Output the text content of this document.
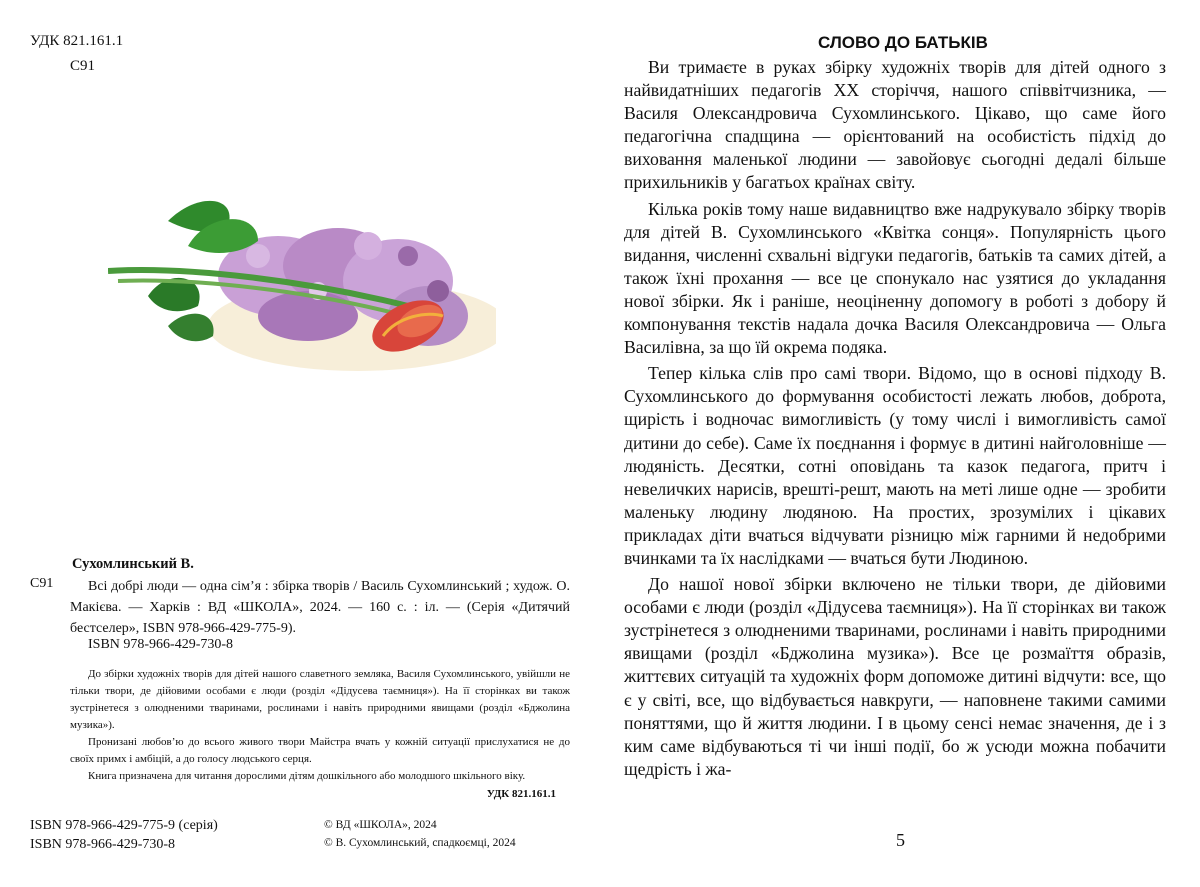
УДК 821.161.1
С91
Сухомлинський В.
С91	Всі добрі люди — одна сім’я : збірка творів / Василь Сухомлинський ; худож. О. Макієва. — Харків : ВД «ШКОЛА», 2024. — 160 с. : іл. — (Серія «Дитячий бестселер», ISBN 978-966-429-775-9).
ISBN 978-966-429-730-8

До збірки художніх творів для дітей нашого славетного земляка, Василя Сухомлинського, увійшли не тільки твори, де дійовими особами є люди (розділ «Дідусева таємниця»). На її сторінках ви також зустрінетеся з олюдненими тваринами, рослинами і навіть природними явищами (розділ «Бджолина музика»).

Пронизані любов’ю до всього живого твори Майстра вчать у кожній ситуації прислухатися не до своїх примх і амбіцій, а до голосу людського серця.

Книга призначена для читання дорослими дітям дошкільного або молодшого шкільного віку.

УДК 821.161.1
ISBN 978-966-429-775-9 (серія)
ISBN 978-966-429-730-8
© ВД «ШКОЛА», 2024
© В. Сухомлинський, спадкоємці, 2024
СЛОВО ДО БАТЬКІВ

Ви тримаєте в руках збірку художніх творів для дітей одного з найвидатніших педагогів ХХ сторіччя, нашого співвітчизника, — Василя Олександровича Сухомлинського. Цікаво, що саме його педагогічна спадщина — орієнтований на особистість підхід до виховання маленької людини — завойовує сьогодні дедалі більше прихильників у багатьох країнах світу.

Кілька років тому наше видавництво вже надрукувало збірку творів для дітей В. Сухомлинського «Квітка сонця». Популярність цього видання, численні схвальні відгуки педагогів, батьків та самих дітей, а також їхні прохання — все це спонукало нас узятися до укладання нової збірки. Як і раніше, неоціненну допомогу в роботі з добору й компонування текстів надала дочка Василя Олександровича — Ольга Василівна, за що їй окрема подяка.

Тепер кілька слів про самі твори. Відомо, що в основі підходу В. Сухомлинського до формування особистості лежать любов, доброта, щирість і водночас вимогливість (у тому числі і вимогливість самої дитини до себе). Саме їх поєднання і формує в дитині найголовніше — людяність. Десятки, сотні оповідань та казок педагога, притч і невеличких нарисів, врешті-решт, мають на меті лише одне — зробити маленьку людину людяною. На простих, зрозумілих і цікавих прикладах діти вчаться відчувати різницю між гарними й недобрими вчинками та їх наслідками — вчаться бути Людиною.

До нашої нової збірки включено не тільки твори, де дійовими особами є люди (розділ «Дідусева таємниця»). На її сторінках ви також зустрінетеся з олюдненими тваринами, рослинами і навіть природними явищами (розділ «Бджолина музика»). Все це розмаїття образів, життєвих ситуацій та художніх форм допоможе дитині відчути: все, що є у світі, все, що відбувається навкруги, — наповнене такими самими поняттями, що й життя людини. І в цьому сенсі немає значення, де і з ким саме відбуваються ті чи інші події, бо ж усюди можна побачити щедрість і жа-

5
